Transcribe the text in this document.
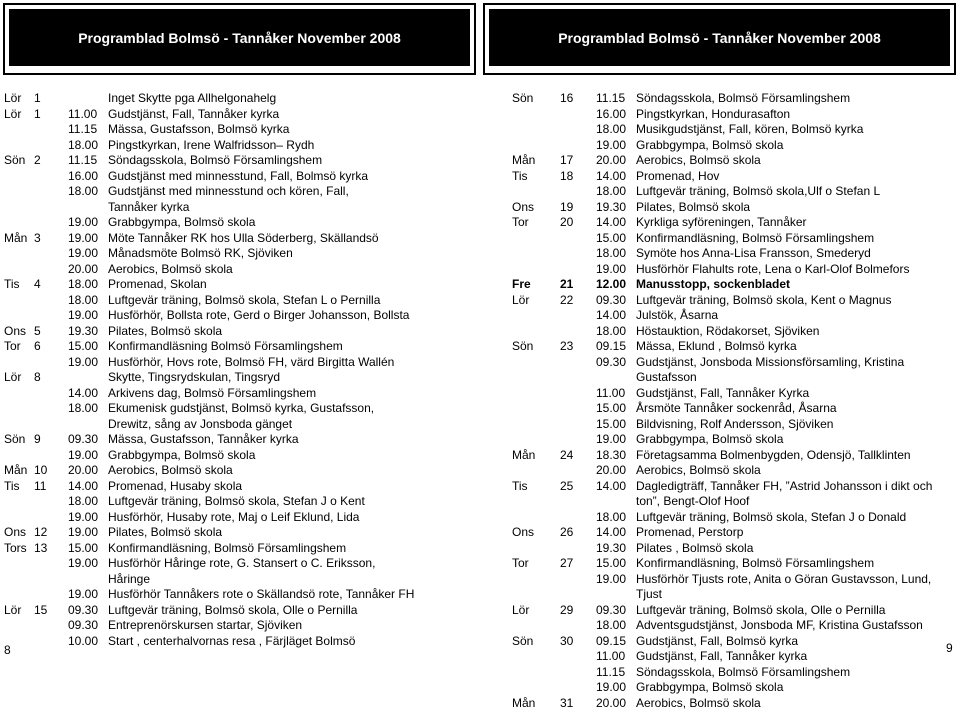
Programblad Bolmsö - Tannåker November 2008
Lör 1	Inget Skytte pga Allhelgonahelg
Lör 1 11.00 Gudstjänst, Fall, Tannåker kyrka
11.15 Mässa, Gustafsson, Bolmsö kyrka
18.00 Pingstkyrkan, Irene Walfridsson– Rydh
Sön 2 11.15 Söndagsskola, Bolmsö Församlingshem
16.00 Gudstjänst med minnesstund, Fall, Bolmsö kyrka
18.00 Gudstjänst med minnesstund och kören, Fall,
Tannåker kyrka
19.00 Grabbgympa, Bolmsö skola
Mån 3 19.00 Möte Tannåker RK hos Ulla Söderberg, Skällandsö
19.00 Månadsmöte Bolmsö RK, Sjöviken
20.00 Aerobics, Bolmsö skola
Tis 4 18.00 Promenad, Skolan
18.00 Luftgevär träning, Bolmsö skola, Stefan L o Pernilla
19.00 Husförhör, Bollsta rote, Gerd o Birger Johansson, Bollsta
Ons 5 19.30 Pilates, Bolmsö skola
Tor 6 15.00 Konfirmandläsning Bolmsö Församlingshem
19.00 Husförhör, Hovs rote, Bolmsö FH, värd Birgitta Wallén
Lör 8	Skytte, Tingsrydskulan, Tingsryd
14.00 Arkivens dag, Bolmsö Församlingshem
18.00 Ekumenisk gudstjänst, Bolmsö kyrka, Gustafsson,
Drewitz, sång av Jonsboda gänget
Sön 9 09.30 Mässa, Gustafsson, Tannåker kyrka
19.00 Grabbgympa, Bolmsö skola
Mån 10 20.00 Aerobics, Bolmsö skola
Tis 11 14.00 Promenad, Husaby skola
18.00 Luftgevär träning, Bolmsö skola, Stefan J o Kent
19.00 Husförhör, Husaby rote, Maj o Leif Eklund, Lida
Ons 12 19.00 Pilates, Bolmsö skola
Tors 13 15.00 Konfirmandläsning, Bolmsö Församlingshem
19.00 Husförhör Håringe rote, G. Stansert o C. Eriksson,
Håringe
19.00 Husförhör Tannåkers rote o Skällandsö rote, Tannåker FH
Lör 15 09.30 Luftgevär träning, Bolmsö skola, Olle o Pernilla
09.30 Entreprenörskursen startar, Sjöviken
10.00 Start , centerhalvornas resa , Färjläget Bolmsö
8
Programblad Bolmsö - Tannåker November 2008
Sön 16 11.15 Söndagsskola, Bolmsö Församlingshem
16.00 Pingstkyrkan, Hondurasafton
18.00 Musikgudstjänst, Fall, kören, Bolmsö kyrka
19.00 Grabbgympa, Bolmsö skola
Mån 17 20.00 Aerobics, Bolmsö skola
Tis	18 14.00 Promenad, Hov
18.00 Luftgevär träning, Bolmsö skola,Ulf o Stefan L
Ons 19 19.30 Pilates, Bolmsö skola
Tor	20 14.00 Kyrkliga syföreningen, Tannåker
15.00 Konfirmandläsning, Bolmsö Församlingshem
18.00 Symöte hos Anna-Lisa Fransson, Smederyd
19.00 Husförhör Flahults rote, Lena o Karl-Olof Bolmefors
Fre 21 12.00 Manusstopp, sockenbladet
Lör	22 09.30 Luftgevär träning, Bolmsö skola, Kent o Magnus
14.00 Julstök, Åsarna
18.00 Höstauktion, Rödakorset, Sjöviken
Sön 23 09.15 Mässa, Eklund , Bolmsö kyrka
09.30 Gudstjänst, Jonsboda Missionsförsamling, Kristina
Gustafsson
11.00 Gudstjänst, Fall, Tannåker Kyrka
15.00 Årsmöte Tannåker sockenråd, Åsarna
15.00 Bildvisning, Rolf Andersson, Sjöviken
19.00 Grabbgympa, Bolmsö skola
Mån 24 18.30 Företagsamma Bolmenbygden, Odensjö, Tallklinten
20.00 Aerobics, Bolmsö skola
Tis	25 14.00 Dagledigträff, Tannåker FH, ”Astrid Johansson i dikt och
ton”, Bengt-Olof Hoof
18.00 Luftgevär träning, Bolmsö skola, Stefan J o Donald
Ons 26 14.00 Promenad, Perstorp
19.30 Pilates , Bolmsö skola
Tor	27 15.00 Konfirmandläsning, Bolmsö Församlingshem
19.00 Husförhör Tjusts rote, Anita o Göran Gustavsson, Lund,
Tjust
Lör	29 09.30 Luftgevär träning, Bolmsö skola, Olle o Pernilla
18.00 Adventsgudstjänst, Jonsboda MF, Kristina Gustafsson
Sön 30 09.15 Gudstjänst, Fall, Bolmsö kyrka
11.00 Gudstjänst, Fall, Tannåker kyrka
11.15 Söndagsskola, Bolmsö Församlingshem
19.00 Grabbgympa, Bolmsö skola
Mån 31 20.00 Aerobics, Bolmsö skola
9
